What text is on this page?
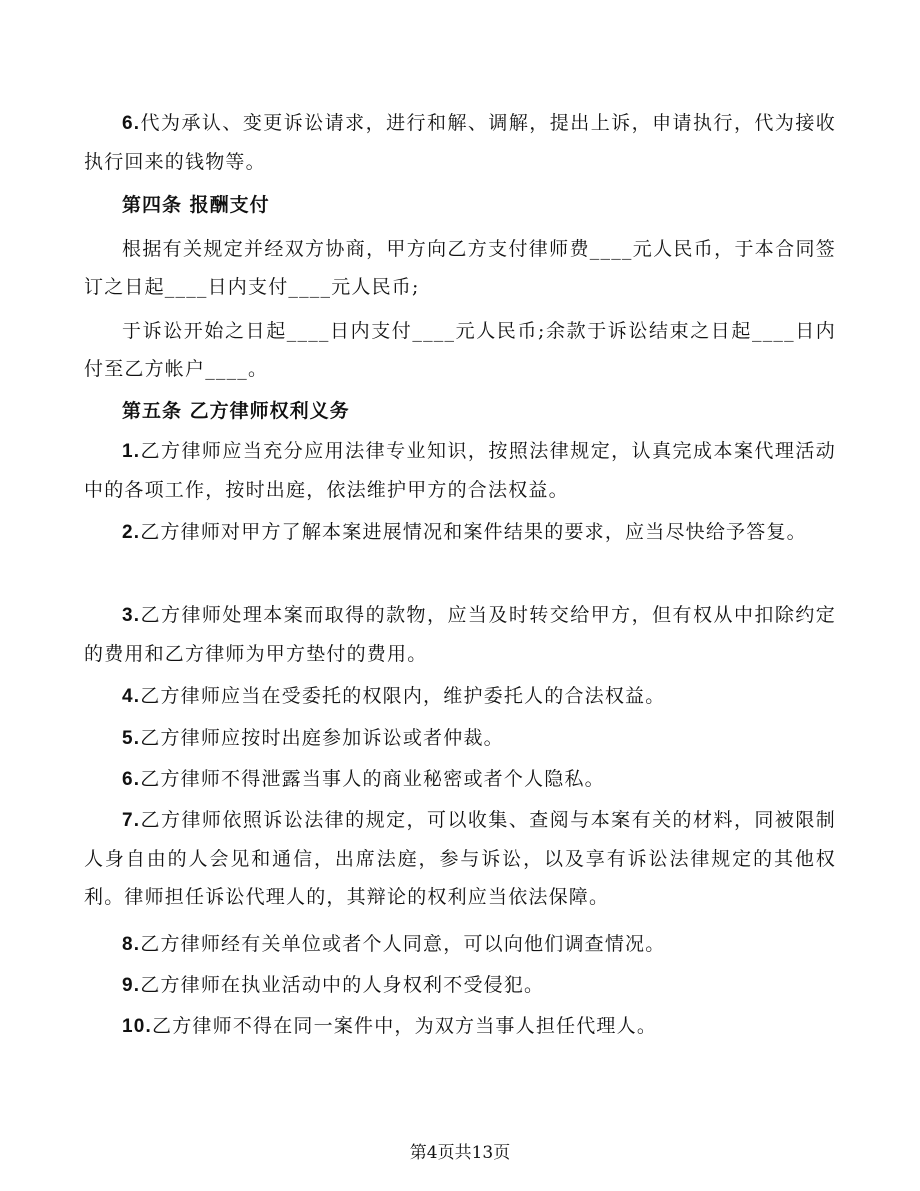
6.代为承认、变更诉讼请求，进行和解、调解，提出上诉，申请执行，代为接收执行回来的钱物等。

第四条 报酬支付

根据有关规定并经双方协商，甲方向乙方支付律师费____元人民币，于本合同签订之日起____日内支付____元人民币;

于诉讼开始之日起____日内支付____元人民币;余款于诉讼结束之日起____日内付至乙方帐户____。

第五条 乙方律师权利义务

1.乙方律师应当充分应用法律专业知识，按照法律规定，认真完成本案代理活动中的各项工作，按时出庭，依法维护甲方的合法权益。

2.乙方律师对甲方了解本案进展情况和案件结果的要求，应当尽快给予答复。

3.乙方律师处理本案而取得的款物，应当及时转交给甲方，但有权从中扣除约定的费用和乙方律师为甲方垫付的费用。

4.乙方律师应当在受委托的权限内，维护委托人的合法权益。

5.乙方律师应按时出庭参加诉讼或者仲裁。

6.乙方律师不得泄露当事人的商业秘密或者个人隐私。

7.乙方律师依照诉讼法律的规定，可以收集、查阅与本案有关的材料，同被限制人身自由的人会见和通信，出席法庭，参与诉讼，以及享有诉讼法律规定的其他权利。律师担任诉讼代理人的，其辩论的权利应当依法保障。

8.乙方律师经有关单位或者个人同意，可以向他们调查情况。

9.乙方律师在执业活动中的人身权利不受侵犯。

10.乙方律师不得在同一案件中，为双方当事人担任代理人。

第4页共13页
